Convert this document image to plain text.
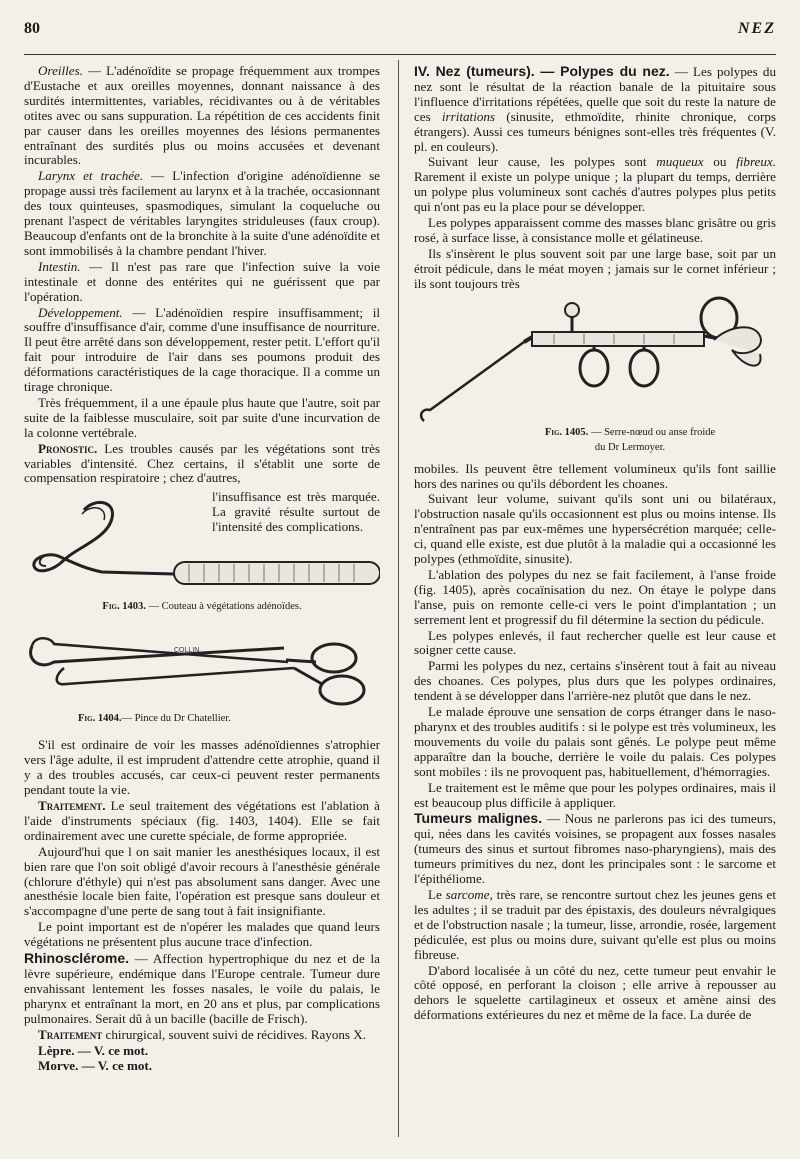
80	NEZ

Oreilles. — L'adénoïdite se propage fréquemment aux trompes d'Eustache et aux oreilles moyennes, donnant naissance à des surdités intermittentes, variables, récidivantes ou à de véritables otites avec ou sans suppuration. La répétition de ces accidents finit par causer dans les oreilles moyennes des lésions permanentes entraînant des surdités plus ou moins accusées et devenant incurables.

Larynx et trachée. — L'infection d'origine adénoïdienne se propage aussi très facilement au larynx et à la trachée, occasionnant des toux quinteuses, spasmodiques, simulant la coqueluche ou prenant l'aspect de véritables laryngites striduleuses (faux croup). Beaucoup d'enfants ont de la bronchite à la suite d'une adénoïdite et sont immobilisés à la chambre pendant l'hiver.

Intestin. — Il n'est pas rare que l'infection suive la voie intestinale et donne des entérites qui ne guérissent que par l'opération.

Développement. — L'adénoïdien respire insuffisamment; il souffre d'insuffisance d'air, comme d'une insuffisance de nourriture. Il peut être arrêté dans son développement, rester petit. L'effort qu'il fait pour introduire de l'air dans ses poumons produit des déformations caractéristiques de la cage thoracique. Il a comme un tirage chronique.

Très fréquemment, il a une épaule plus haute que l'autre, soit par suite de la faiblesse musculaire, soit par suite d'une incurvation de la colonne vertébrale.

Pronostic. Les troubles causés par les végétations sont très variables d'intensité. Chez certains, il s'établit une sorte de compensation respiratoire ; chez d'autres,

l'insuffisance est très marquée. La gravité résulte surtout de l'intensité des complications.
Fig. 1403. — Couteau à végétations adénoïdes.
COLLIN
Fig. 1404.— Pince du Dr Chatellier.

S'il est ordinaire de voir les masses adénoïdiennes s'atrophier vers l'âge adulte, il est imprudent d'attendre cette atrophie, quand il y a des troubles accusés, car ceux-ci peuvent rester permanents pendant toute la vie.

Traitement. Le seul traitement des végétations est l'ablation à l'aide d'instruments spéciaux (fig. 1403, 1404). Elle se fait ordinairement avec une curette spéciale, de forme appropriée.

Aujourd'hui que l on sait manier les anesthésiques locaux, il est bien rare que l'on soit obligé d'avoir recours à l'anesthésie générale (chlorure d'éthyle) qui n'est pas absolument sans danger. Avec une anesthésie locale bien faite, l'opération est presque sans douleur et s'accompagne d'une perte de sang tout à fait insignifiante.

Le point important est de n'opérer les malades que quand leurs végétations ne présentent plus aucune trace d'infection.

Rhinosclérome. — Affection hypertrophique du nez et de la lèvre supérieure, endémique dans l'Europe centrale. Tumeur dure envahissant lentement les fosses nasales, le voile du palais, le pharynx et entraînant la mort, en 20 ans et plus, par complications pulmonaires. Serait dû à un bacille (bacille de Frisch).

Traitement chirurgical, souvent suivi de récidives. Rayons X.

Lèpre. — V. ce mot.

Morve. — V. ce mot.

IV. Nez (tumeurs). — Polypes du nez. — Les polypes du nez sont le résultat de la réaction banale de la pituitaire sous l'influence d'irritations répétées, quelle que soit du reste la nature de ces irritations (sinusite, ethmoïdite, rhinite chronique, corps étrangers). Aussi ces tumeurs bénignes sont-elles très fréquentes (V. pl. en couleurs).

Suivant leur cause, les polypes sont muqueux ou fibreux. Rarement il existe un polype unique ; la plupart du temps, derrière un polype plus volumineux sont cachés d'autres polypes plus petits qui n'ont pas eu la place pour se développer.

Les polypes apparaissent comme des masses blanc grisâtre ou gris rosé, à surface lisse, à consistance molle et gélatineuse.

Ils s'insèrent le plus souvent soit par une large base, soit par un étroit pédicule, dans le méat moyen ; jamais sur le cornet inférieur ; ils sont toujours très

Fig. 1405. — Serre-nœud ou anse froide
du Dr Lermoyer.

mobiles. Ils peuvent être tellement volumineux qu'ils font saillie hors des narines ou qu'ils débordent les choanes.

Suivant leur volume, suivant qu'ils sont uni ou bilatéraux, l'obstruction nasale qu'ils occasionnent est plus ou moins intense. Ils n'entraînent pas par eux-mêmes une hypersécrétion marquée; celle-ci, quand elle existe, est due plutôt à la maladie qui a occasionné les polypes (ethmoïdite, sinusite).

L'ablation des polypes du nez se fait facilement, à l'anse froide (fig. 1405), après cocaïnisation du nez. On étaye le polype dans l'anse, puis on remonte celle-ci vers le point d'implantation ; un serrement lent et progressif du fil détermine la section du pédicule.

Les polypes enlevés, il faut rechercher quelle est leur cause et soigner cette cause.

Parmi les polypes du nez, certains s'insèrent tout à fait au niveau des choanes. Ces polypes, plus durs que les polypes ordinaires, tendent à se développer dans l'arrière-nez plutôt que dans le nez.

Le malade éprouve une sensation de corps étranger dans le naso-pharynx et des troubles auditifs : si le polype est très volumineux, les mouvements du voile du palais sont gênés. Le polype peut même apparaître dan la bouche, derrière le voile du palais. Ces polypes sont mobiles : ils ne provoquent pas, habituellement, d'hémorragies.

Le traitement est le même que pour les polypes ordinaires, mais il est beaucoup plus difficile à appliquer.

Tumeurs malignes. — Nous ne parlerons pas ici des tumeurs, qui, nées dans les cavités voisines, se propagent aux fosses nasales (tumeurs des sinus et surtout fibromes naso-pharyngiens), mais des tumeurs primitives du nez, dont les principales sont : le sarcome et l'épithéliome.

Le sarcome, très rare, se rencontre surtout chez les jeunes gens et les adultes ; il se traduit par des épistaxis, des douleurs névralgiques et de l'obstruction nasale ; la tumeur, lisse, arrondie, rosée, largement pédiculée, est plus ou moins dure, suivant qu'elle est plus ou moins fibreuse.

D'abord localisée à un côté du nez, cette tumeur peut envahir le côté opposé, en perforant la cloison ; elle arrive à repousser au dehors le squelette cartilagineux et osseux et amène ainsi des déformations extérieures du nez et même de la face. La durée de
